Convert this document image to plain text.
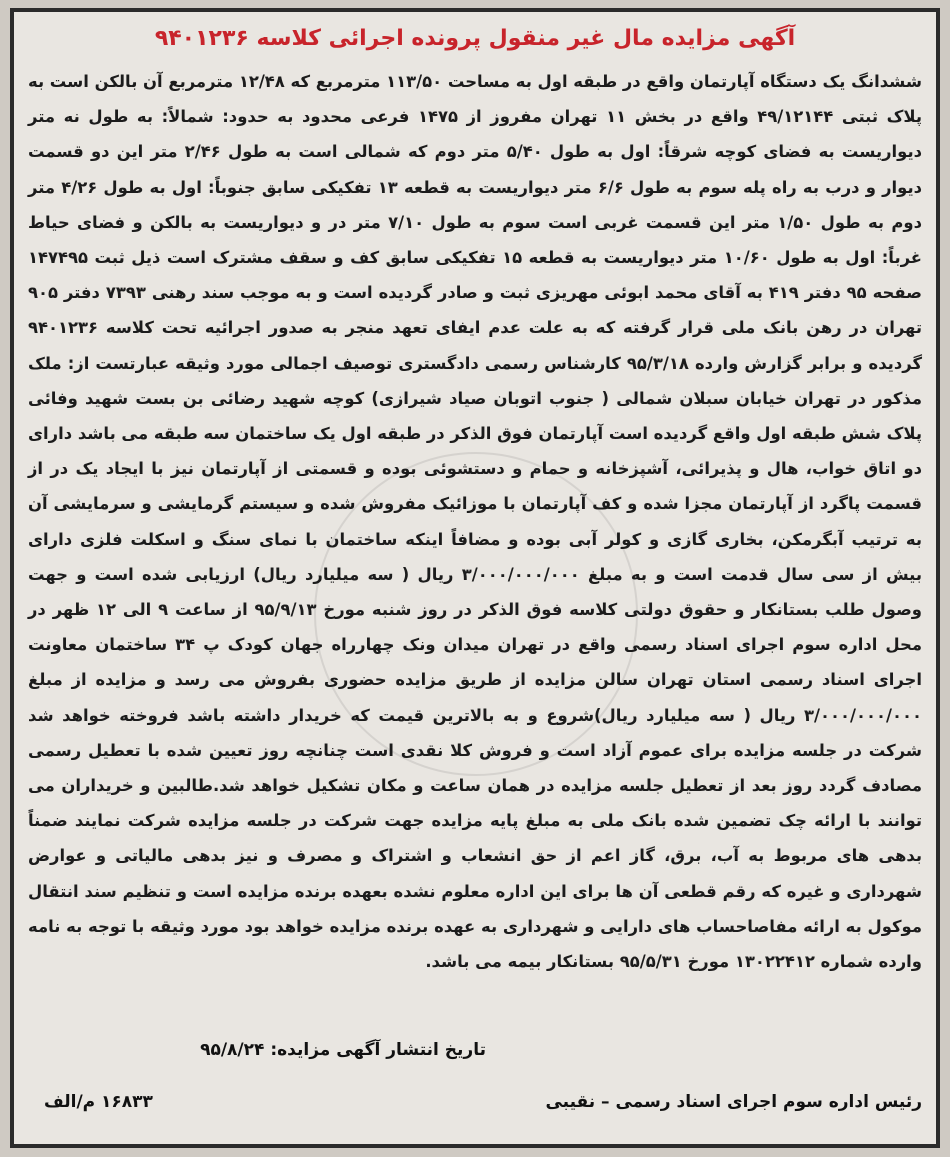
آگهی مزایده مال غیر منقول پرونده اجرائی کلاسه ۹۴۰۱۲۳۶
ششدانگ یک دستگاه آپارتمان واقع در طبقه اول به مساحت ۱۱۳/۵۰ مترمربع که ۱۲/۴۸ مترمربع آن بالکن است به پلاک ثبتی ۴۹/۱۲۱۴۴ واقع در بخش ۱۱ تهران مفروز از ۱۴۷۵ فرعی محدود به حدود: شمالاً: به طول نه متر دیواریست به فضای کوچه شرقاً: اول به طول ۵/۴۰ متر دوم که شمالی است به طول ۲/۴۶ متر این دو قسمت دیوار و درب به راه پله سوم به طول ۶/۶ متر دیواریست به قطعه ۱۳ تفکیکی سابق جنوباً: اول به طول ۴/۲۶ متر دوم به طول ۱/۵۰ متر این قسمت غربی است سوم به طول ۷/۱۰ متر در و دیواریست به بالکن و فضای حیاط غرباً: اول به طول ۱۰/۶۰ متر دیواریست به قطعه ۱۵ تفکیکی سابق کف و سقف مشترک است ذیل ثبت ۱۴۷۴۹۵ صفحه ۹۵ دفتر ۴۱۹ به آقای محمد ابوئی مهریزی ثبت و صادر گردیده است و به موجب سند رهنی ۷۳۹۳ دفتر ۹۰۵ تهران در رهن بانک ملی قرار گرفته که به علت عدم ایفای تعهد منجر به صدور اجرائیه تحت کلاسه ۹۴۰۱۲۳۶ گردیده و برابر گزارش وارده ۹۵/۳/۱۸ کارشناس رسمی دادگستری توصیف اجمالی مورد وثیقه عبارتست از: ملک مذکور در تهران خیابان سبلان شمالی ( جنوب اتوبان صیاد شیرازی) کوچه شهید رضائی بن بست شهید وفائی پلاک شش طبقه اول واقع گردیده است آپارتمان فوق الذکر در طبقه اول یک ساختمان سه طبقه می باشد دارای دو اتاق خواب، هال و پذیرائی، آشپزخانه و حمام و دستشوئی بوده و قسمتی از آپارتمان نیز با ایجاد یک در از قسمت پاگرد از آپارتمان مجزا شده و کف آپارتمان با موزائیک مفروش شده و سیستم گرمایشی و سرمایشی آن به ترتیب آبگرمکن، بخاری گازی و کولر آبی بوده و مضافاً اینکه ساختمان با نمای سنگ و اسکلت فلزی دارای بیش از سی سال قدمت است و به مبلغ ۳/۰۰۰/۰۰۰/۰۰۰ ریال ( سه میلیارد ریال) ارزیابی شده است و جهت وصول طلب بستانکار و حقوق دولتی کلاسه فوق الذکر در روز شنبه مورخ ۹۵/۹/۱۳ از ساعت ۹ الی ۱۲ ظهر در محل اداره سوم اجرای اسناد رسمی واقع در تهران میدان ونک چهارراه جهان کودک پ ۳۴ ساختمان معاونت اجرای اسناد رسمی استان تهران سالن مزایده از طریق مزایده حضوری بفروش می رسد و مزایده از مبلغ ۳/۰۰۰/۰۰۰/۰۰۰ ریال ( سه میلیارد ریال)شروع و به بالاترین قیمت که خریدار داشته باشد فروخته خواهد شد شرکت در جلسه مزایده برای عموم آزاد است و فروش کلا نقدی است چنانچه روز تعیین شده با تعطیل رسمی مصادف گردد روز بعد از تعطیل جلسه مزایده در همان ساعت و مکان تشکیل خواهد شد.طالبین و خریداران می توانند با ارائه چک تضمین شده بانک ملی به مبلغ پایه مزایده جهت شرکت در جلسه مزایده شرکت نمایند ضمناً بدهی های مربوط به آب، برق، گاز اعم از حق انشعاب و اشتراک و مصرف و نیز بدهی مالیاتی و عوارض شهرداری و غیره که رقم قطعی آن ها برای این اداره معلوم نشده بعهده برنده مزایده است و تنظیم سند انتقال موکول به ارائه مفاصاحساب های دارایی و شهرداری به عهده برنده مزایده خواهد بود مورد وثیقه با توجه به نامه وارده شماره ۱۳۰۲۲۴۱۲ مورخ ۹۵/۵/۳۱ بستانکار بیمه می باشد.
تاریخ انتشار آگهی مزایده: ۹۵/۸/۲۴
رئیس اداره سوم اجرای اسناد رسمی – نقیبی
۱۶۸۳۳ م/الف
